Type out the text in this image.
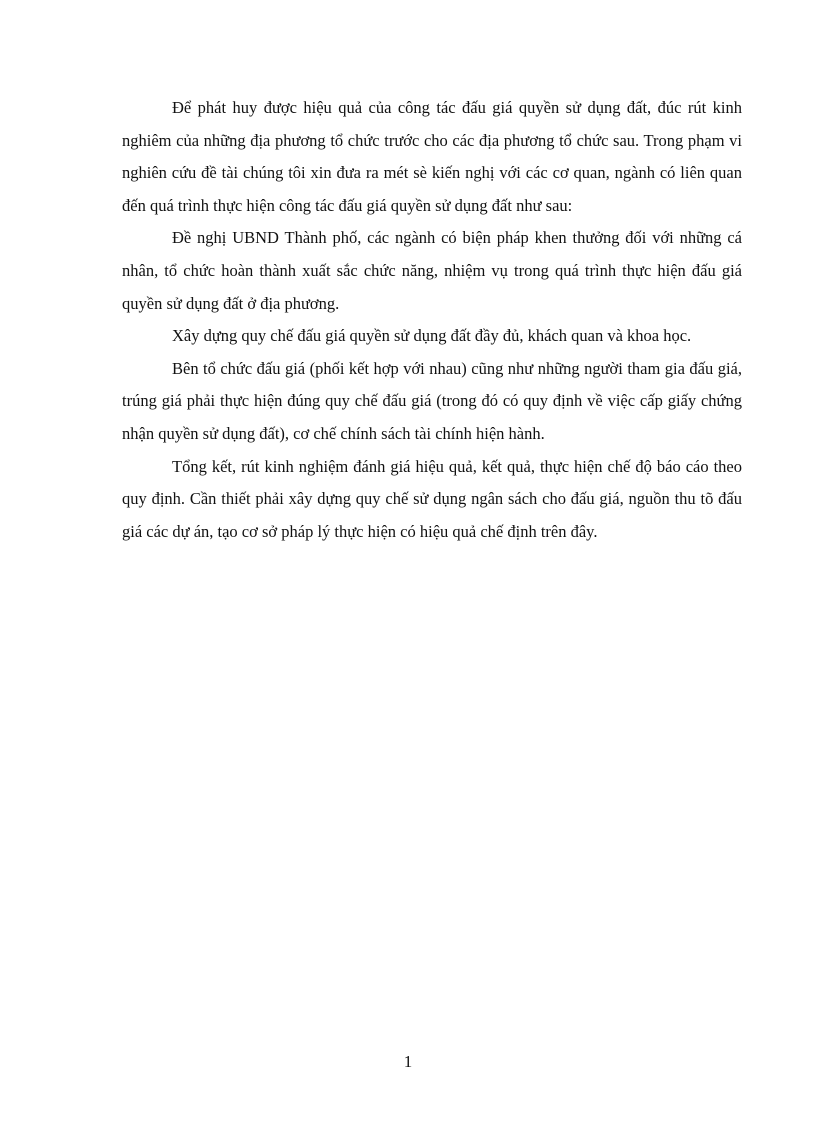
Để phát huy được hiệu quả của công tác đấu giá quyền sử dụng đất, đúc rút kinh nghiêm của những địa phương tổ chức trước cho các địa phương tổ chức sau. Trong phạm vi nghiên cứu đề tài chúng tôi xin đưa ra mét sè kiến nghị với các cơ quan, ngành có liên quan đến quá trình thực hiện công tác đấu giá quyền sử dụng đất như sau:

Đề nghị UBND Thành phố, các ngành có biện pháp khen thưởng đối với những cá nhân, tổ chức hoàn thành xuất sắc chức năng, nhiệm vụ trong quá trình thực hiện đấu giá quyền sử dụng đất ở địa phương.

Xây dựng quy chế đấu giá quyền sử dụng đất đầy đủ, khách quan và khoa học.

Bên tổ chức đấu giá (phối kết hợp với nhau) cũng như những người tham gia đấu giá, trúng giá phải thực hiện đúng quy chế đấu giá (trong đó có quy định về việc cấp giấy chứng nhận quyền sử dụng đất), cơ chế chính sách tài chính hiện hành.

Tổng kết, rút kinh nghiệm đánh giá hiệu quả, kết quả, thực hiện chế độ báo cáo theo quy định. Cần thiết phải xây dựng quy chế sử dụng ngân sách cho đấu giá, nguồn thu tõ đấu giá các dự án, tạo cơ sở pháp lý thực hiện có hiệu quả chế định trên đây.

1
